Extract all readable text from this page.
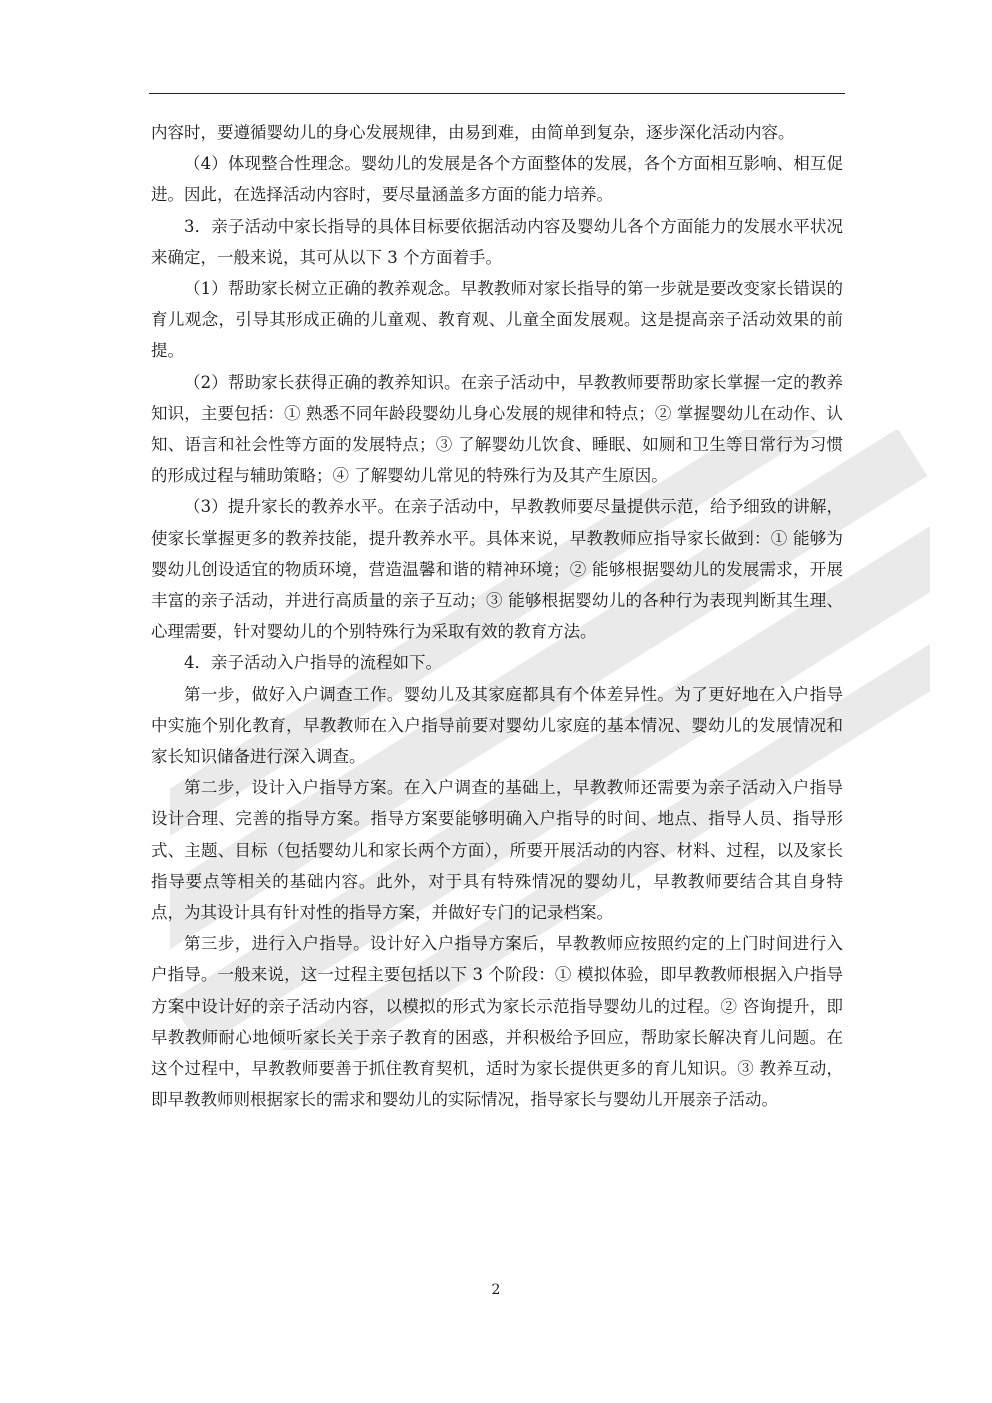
内容时，要遵循婴幼儿的身心发展规律，由易到难，由简单到复杂，逐步深化活动内容。

（4）体现整合性理念。婴幼儿的发展是各个方面整体的发展，各个方面相互影响、相互促进。因此，在选择活动内容时，要尽量涵盖多方面的能力培养。

3．亲子活动中家长指导的具体目标要依据活动内容及婴幼儿各个方面能力的发展水平状况来确定，一般来说，其可从以下 3 个方面着手。

（1）帮助家长树立正确的教养观念。早教教师对家长指导的第一步就是要改变家长错误的育儿观念，引导其形成正确的儿童观、教育观、儿童全面发展观。这是提高亲子活动效果的前提。

（2）帮助家长获得正确的教养知识。在亲子活动中，早教教师要帮助家长掌握一定的教养知识，主要包括：① 熟悉不同年龄段婴幼儿身心发展的规律和特点；② 掌握婴幼儿在动作、认知、语言和社会性等方面的发展特点；③ 了解婴幼儿饮食、睡眠、如厕和卫生等日常行为习惯的形成过程与辅助策略；④ 了解婴幼儿常见的特殊行为及其产生原因。

（3）提升家长的教养水平。在亲子活动中，早教教师要尽量提供示范，给予细致的讲解，使家长掌握更多的教养技能，提升教养水平。具体来说，早教教师应指导家长做到：① 能够为婴幼儿创设适宜的物质环境，营造温馨和谐的精神环境；② 能够根据婴幼儿的发展需求，开展丰富的亲子活动，并进行高质量的亲子互动；③ 能够根据婴幼儿的各种行为表现判断其生理、心理需要，针对婴幼儿的个别特殊行为采取有效的教育方法。

4．亲子活动入户指导的流程如下。

第一步，做好入户调查工作。婴幼儿及其家庭都具有个体差异性。为了更好地在入户指导中实施个别化教育，早教教师在入户指导前要对婴幼儿家庭的基本情况、婴幼儿的发展情况和家长知识储备进行深入调查。

第二步，设计入户指导方案。在入户调查的基础上，早教教师还需要为亲子活动入户指导设计合理、完善的指导方案。指导方案要能够明确入户指导的时间、地点、指导人员、指导形式、主题、目标（包括婴幼儿和家长两个方面），所要开展活动的内容、材料、过程，以及家长指导要点等相关的基础内容。此外，对于具有特殊情况的婴幼儿，早教教师要结合其自身特点，为其设计具有针对性的指导方案，并做好专门的记录档案。

第三步，进行入户指导。设计好入户指导方案后，早教教师应按照约定的上门时间进行入户指导。一般来说，这一过程主要包括以下 3 个阶段：① 模拟体验，即早教教师根据入户指导方案中设计好的亲子活动内容，以模拟的形式为家长示范指导婴幼儿的过程。② 咨询提升，即早教教师耐心地倾听家长关于亲子教育的困惑，并积极给予回应，帮助家长解决育儿问题。在这个过程中，早教教师要善于抓住教育契机，适时为家长提供更多的育儿知识。③ 教养互动，即早教教师则根据家长的需求和婴幼儿的实际情况，指导家长与婴幼儿开展亲子活动。

2
